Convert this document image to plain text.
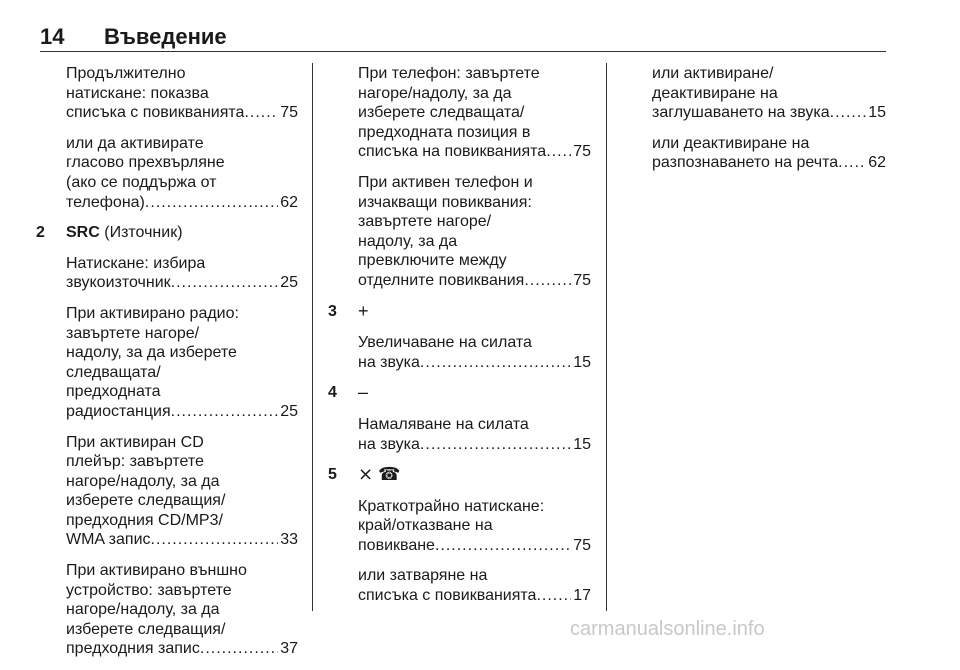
14 Въведение
Продължително
натискане: показва
списъка с повикванията ..... 75
или да активирате
гласово прехвърляне
(ако се поддържа от
телефона) .....	62
2 SRC (Източник)
Натискане: избира
звукоизточник .....	25
При активирано радио:
завъртете нагоре/
надолу, за да изберете
следващата/
предходната
радиостанция .....	25
При активиран CD
плейър: завъртете
нагоре/надолу, за да
изберете следващия/
предходния CD/MP3/
WMA запис .....	33
При активирано външно
устройство: завъртете
нагоре/надолу, за да
изберете следващия/
предходния запис .....	37
При телефон: завъртете
нагоре/надолу, за да
изберете следващата/
предходната позиция в
списъка на повикванията ..... 75
При активен телефон и
изчакващи повиквания:
завъртете нагоре/
надолу, за да
превключите между
отделните повиквания .....	75
3 +
Увеличаване на силата
на звука .....	15
4 –
Намаляване на силата
на звука .....	15
5 ⨯ ☎
Краткотрайно натискане:
край/отказване на
повикване .....	75
или затваряне на
списъка с повикванията ..... 17
или активиране/
деактивиране на
заглушаването на звука ..... 15
или деактивиране на
разпознаването на речта ..... 62
carmanualsonline.info
